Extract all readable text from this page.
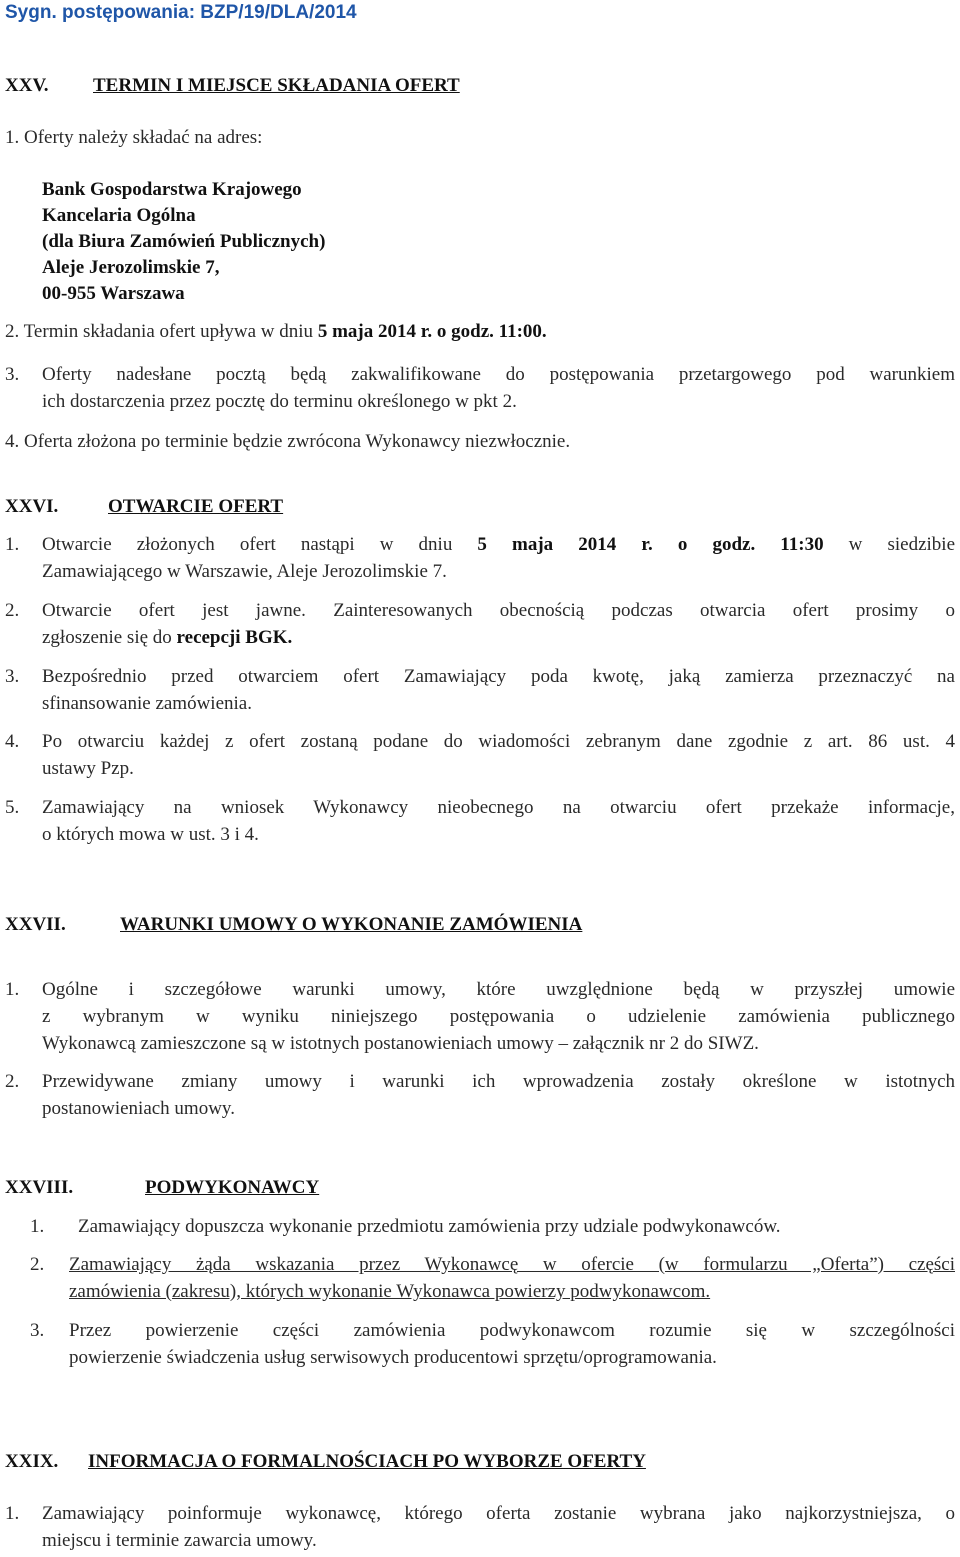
Sygn. postępowania: BZP/19/DLA/2014
XXV. TERMIN I MIEJSCE SKŁADANIA OFERT
1. Oferty należy składać na adres:
Bank Gospodarstwa Krajowego
Kancelaria Ogólna
(dla Biura Zamówień Publicznych)
Aleje Jerozolimskie 7,
00-955 Warszawa
2. Termin składania ofert upływa w dniu 5 maja 2014 r. o godz. 11:00.
3. Oferty nadesłane pocztą będą zakwalifikowane do postępowania przetargowego pod warunkiem
ich dostarczenia przez pocztę do terminu określonego w pkt 2.
4. Oferta złożona po terminie będzie zwrócona Wykonawcy niezwłocznie.
XXVI.	OTWARCIE OFERT
1. Otwarcie złożonych ofert nastąpi w dniu 5 maja 2014 r. o godz. 11:30 w siedzibie
Zamawiającego w Warszawie, Aleje Jerozolimskie 7.
2. Otwarcie ofert jest jawne. Zainteresowanych obecnością podczas otwarcia ofert prosimy o
zgłoszenie się do recepcji BGK.
3. Bezpośrednio przed otwarciem ofert Zamawiający poda kwotę, jaką zamierza przeznaczyć na
sfinansowanie zamówienia.
4. Po otwarciu każdej z ofert zostaną podane do wiadomości zebranym dane zgodnie z art. 86 ust. 4
ustawy Pzp.
5. Zamawiający na wniosek Wykonawcy nieobecnego na otwarciu ofert przekaże informacje,
o których mowa w ust. 3 i 4.
XXVII.	WARUNKI UMOWY O WYKONANIE ZAMÓWIENIA
1. Ogólne i szczegółowe warunki umowy, które uwzględnione będą w przyszłej umowie
z wybranym w wyniku niniejszego postępowania o udzielenie zamówienia publicznego
Wykonawcą zamieszczone są w istotnych postanowieniach umowy – załącznik nr 2 do SIWZ.
2. Przewidywane zmiany umowy i warunki ich wprowadzenia zostały określone w istotnych
postanowieniach umowy.
XXVIII.	PODWYKONAWCY
1. Zamawiający dopuszcza wykonanie przedmiotu zamówienia przy udziale podwykonawców.
2. Zamawiający żąda wskazania przez Wykonawcę w ofercie (w formularzu „Oferta”) części
zamówienia (zakresu), których wykonanie Wykonawca powierzy podwykonawcom.
3. Przez powierzenie części zamówienia podwykonawcom rozumie się w szczególności
powierzenie świadczenia usług serwisowych producentowi sprzętu/oprogramowania.
XXIX. INFORMACJA O FORMALNOŚCIACH PO WYBORZE OFERTY
1. Zamawiający poinformuje wykonawcę, którego oferta zostanie wybrana jako najkorzystniejsza, o
miejscu i terminie zawarcia umowy.
